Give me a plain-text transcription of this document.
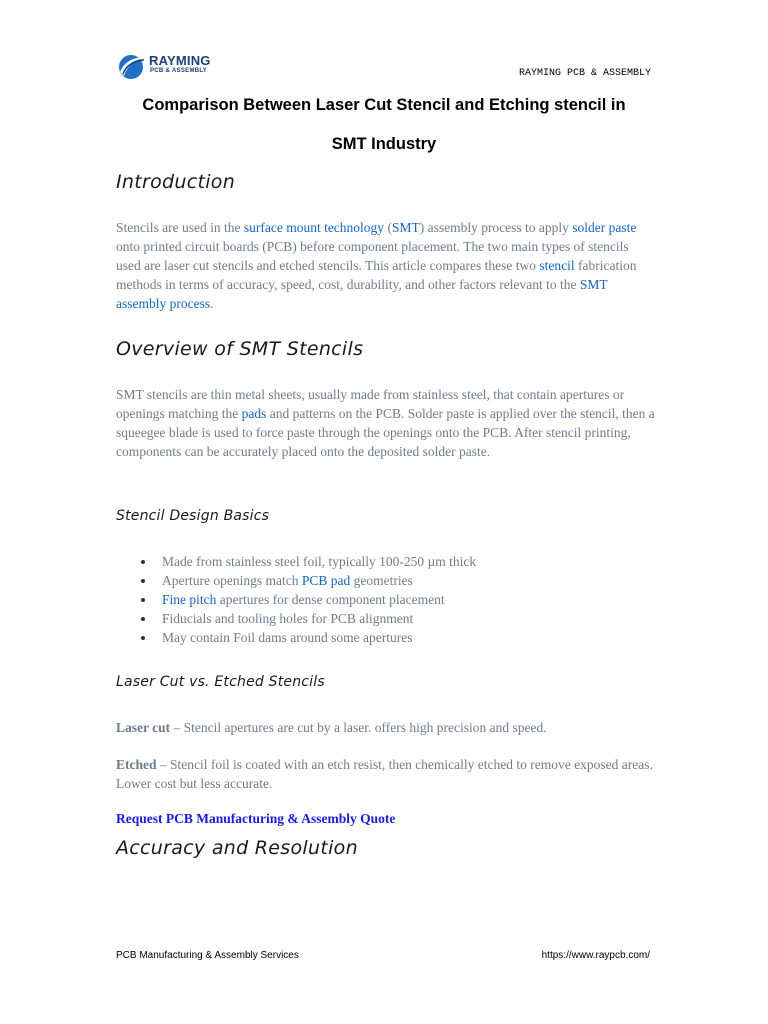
RAYMING
PCB & ASSEMBLY	RAYMING PCB & ASSEMBLY
Comparison Between Laser Cut Stencil and Etching stencil in
SMT Industry
Introduction

Stencils are used in the surface mount technology (SMT) assembly process to apply solder paste onto printed circuit boards (PCB) before component placement. The two main types of stencils used are laser cut stencils and etched stencils. This article compares these two stencil fabrication methods in terms of accuracy, speed, cost, durability, and other factors relevant to the SMT assembly process.

Overview of SMT Stencils

SMT stencils are thin metal sheets, usually made from stainless steel, that contain apertures or openings matching the pads and patterns on the PCB. Solder paste is applied over the stencil, then a squeegee blade is used to force paste through the openings onto the PCB. After stencil printing, components can be accurately placed onto the deposited solder paste.

Stencil Design Basics
Made from stainless steel foil, typically 100-250 µm thick
Aperture openings match PCB pad geometries
Fine pitch apertures for dense component placement
Fiducials and tooling holes for PCB alignment
May contain Foil dams around some apertures
Laser Cut vs. Etched Stencils

Laser cut – Stencil apertures are cut by a laser. offers high precision and speed.

Etched – Stencil foil is coated with an etch resist, then chemically etched to remove exposed areas. Lower cost but less accurate.

Request PCB Manufacturing & Assembly Quote
Accuracy and Resolution
PCB Manufacturing & Assembly Services	https://www.raypcb.com/
